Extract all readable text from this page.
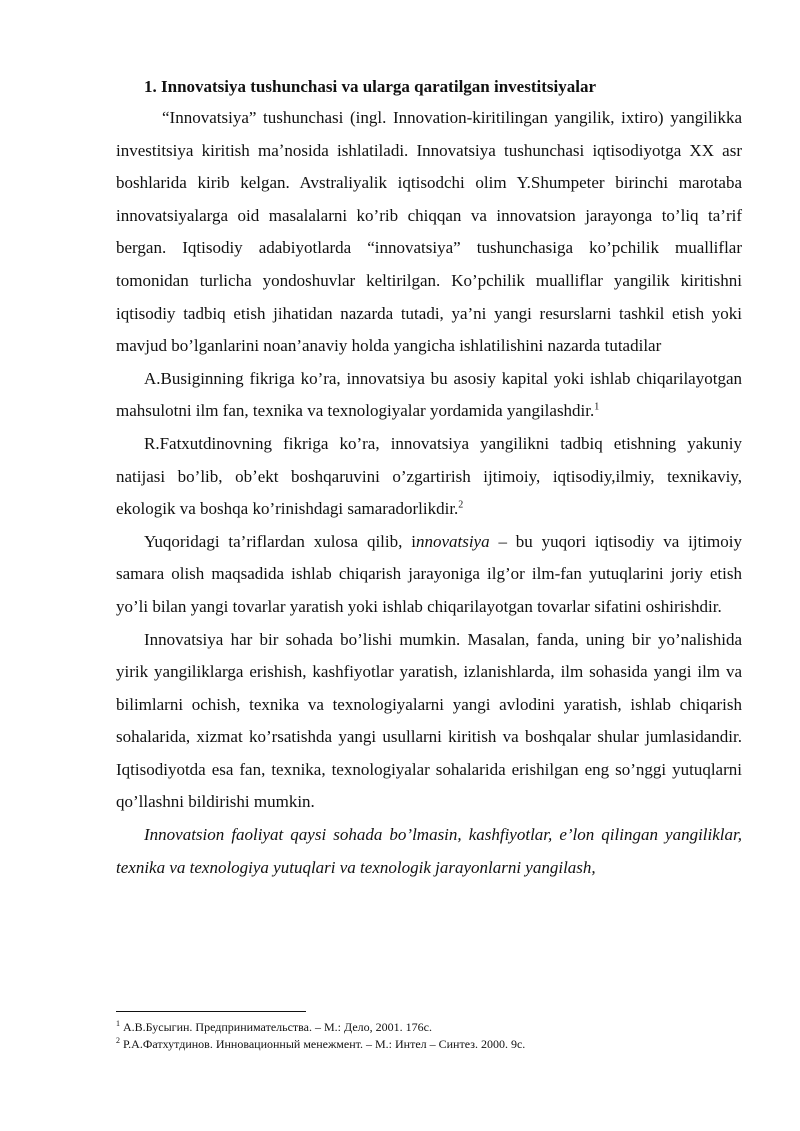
1. Innovatsiya tushunchasi va ularga qaratilgan investitsiyalar

“Innovatsiya” tushunchasi (ingl. Innovation-kiritilingan yangilik, ixtiro) yangilikka investitsiya kiritish maʼnosida ishlatiladi. Innovatsiya tushunchasi iqtisodiyotga XX asr boshlarida kirib kelgan. Avstraliyalik iqtisodchi olim Y.Shumpeter birinchi marotaba innovatsiyalarga oid masalalarni ko’rib chiqqan va innovatsion jarayonga to’liq ta’rif bergan. Iqtisodiy adabiyotlarda “innovatsiya” tushunchasiga ko’pchilik mualliflar tomonidan turlicha yondoshuvlar keltirilgan. Ko’pchilik mualliflar yangilik kiritishni iqtisodiy tadbiq etish jihatidan nazarda tutadi, ya’ni yangi resurslarni tashkil etish yoki mavjud bo’lganlarini noan’anaviy holda yangicha ishlatilishini nazarda tutadilar

A.Busiginning fikriga ko’ra, innovatsiya bu asosiy kapital yoki ishlab chiqarilayotgan mahsulotni ilm fan, texnika va texnologiyalar yordamida yangilashdir.$^1$

R.Fatxutdinovning fikriga ko’ra, innovatsiya yangilikni tadbiq etishning yakuniy natijasi bo’lib, obʼekt boshqaruvini o’zgartirish ijtimoiy, iqtisodiy,ilmiy, texnikaviy, ekologik va boshqa ko’rinishdagi samaradorlikdir.$^2$

Yuqoridagi ta’riflardan xulosa qilib, innovatsiya – bu yuqori iqtisodiy va ijtimoiy samara olish maqsadida ishlab chiqarish jarayoniga ilg’or ilm-fan yutuqlarini joriy etish yo’li bilan yangi tovarlar yaratish yoki ishlab chiqarilayotgan tovarlar sifatini oshirishdir.

Innovatsiya har bir sohada bo’lishi mumkin. Masalan, fanda, uning bir yo’nalishida yirik yangiliklarga erishish, kashfiyotlar yaratish, izlanishlarda, ilm sohasida yangi ilm va bilimlarni ochish, texnika va texnologiyalarni yangi avlodini yaratish, ishlab chiqarish sohalarida, xizmat ko’rsatishda yangi usullarni kiritish va boshqalar shular jumlasidandir. Iqtisodiyotda esa fan, texnika, texnologiyalar sohalarida erishilgan eng so’nggi yutuqlarni qo’llashni bildirishi mumkin.

Innovatsion faoliyat qaysi sohada bo’lmasin, kashfiyotlar, e’lon qilingan yangiliklar, texnika va texnologiya yutuqlari va texnologik jarayonlarni yangilash,

$^1$ А.В.Бусыгин. Предпринимательства. – М.: Дело, 2001. 176с.

$^2$ Р.А.Фатхутдинов. Инновационный менежмент. – М.: Интел – Синтез. 2000. 9с.
